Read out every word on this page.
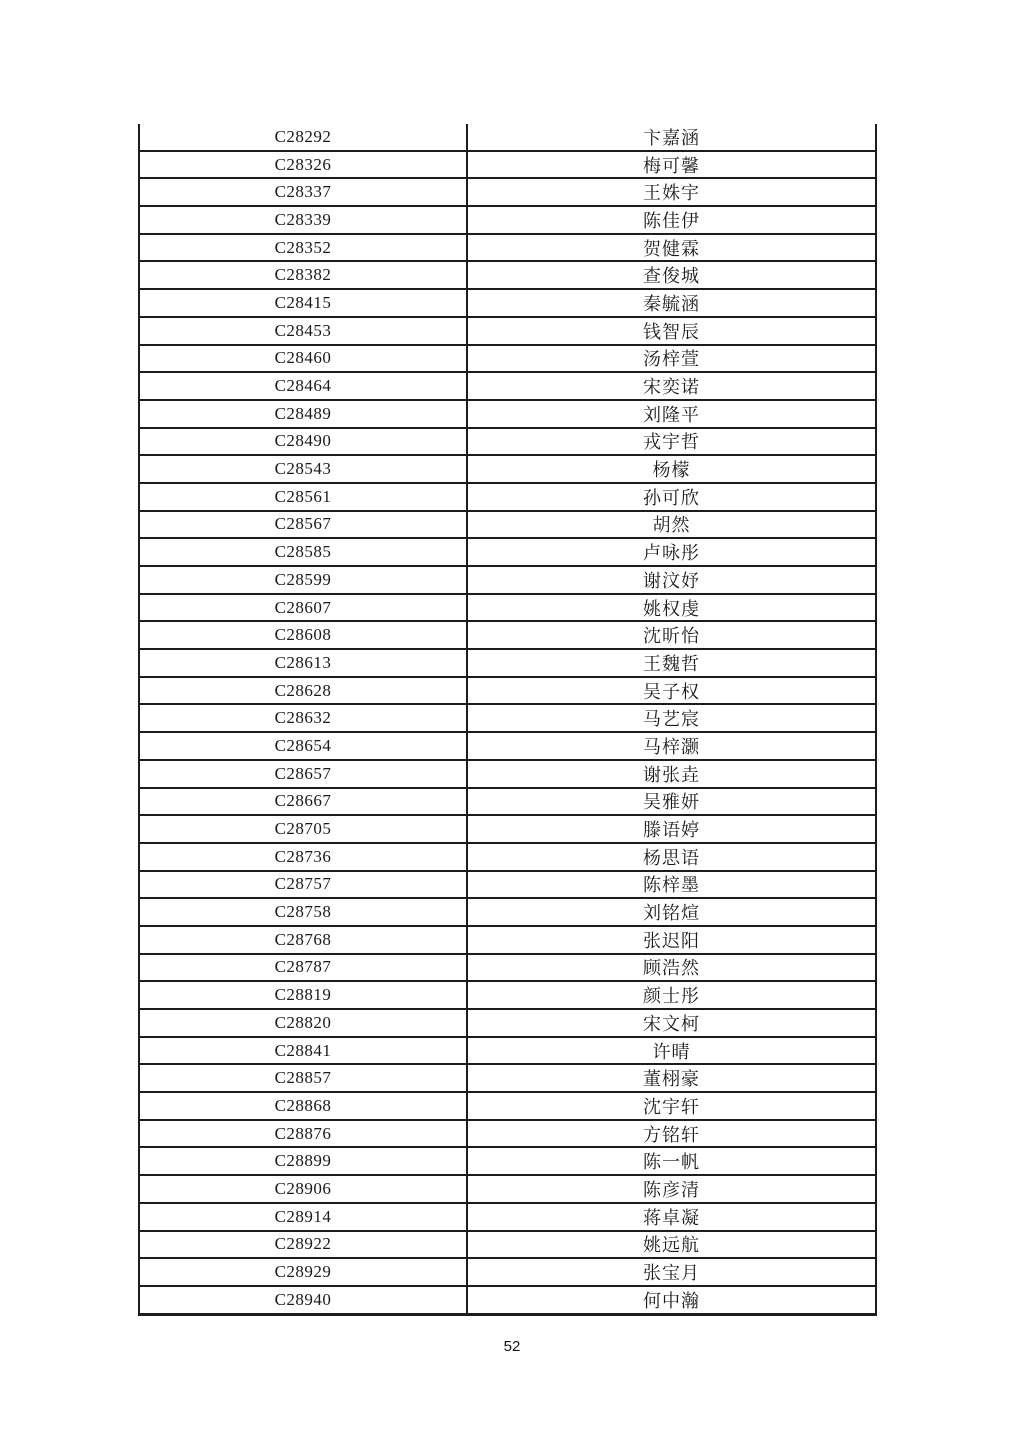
C28292	卞嘉涵
C28326	梅可馨
C28337	王姝宇
C28339	陈佳伊
C28352	贺健霖
C28382	查俊城
C28415	秦毓涵
C28453	钱智辰
C28460	汤梓萱
C28464	宋奕诺
C28489	刘隆平
C28490	戎宇哲
C28543	杨檬
C28561	孙可欣
C28567	胡然
C28585	卢咏彤
C28599	谢汶妤
C28607	姚权虔
C28608	沈昕怡
C28613	王魏哲
C28628	吴子权
C28632	马艺宸
C28654	马梓灏
C28657	谢张垚
C28667	吴雅妍
C28705	滕语婷
C28736	杨思语
C28757	陈梓墨
C28758	刘铭煊
C28768	张迟阳
C28787	顾浩然
C28819	颜士彤
C28820	宋文柯
C28841	许晴
C28857	董栩豪
C28868	沈宇轩
C28876	方铭轩
C28899	陈一帆
C28906	陈彦清
C28914	蒋卓凝
C28922	姚远航
C28929	张宝月
C28940	何中瀚
52
